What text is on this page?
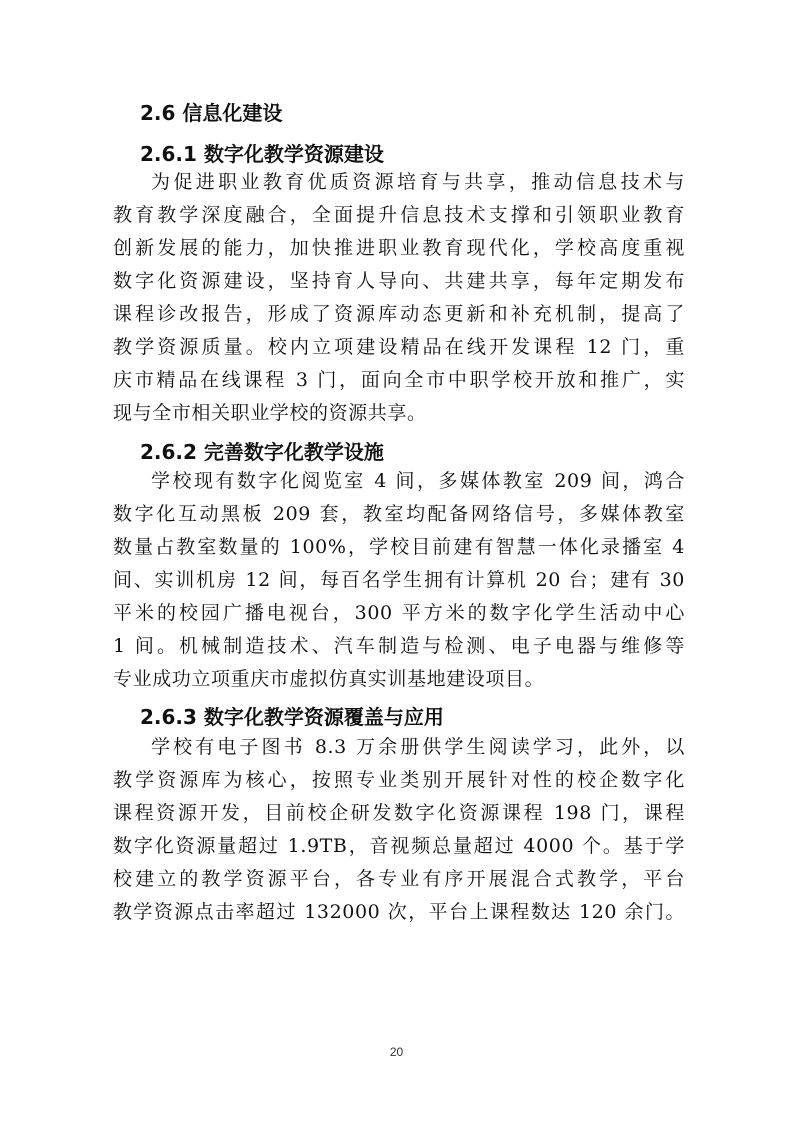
2.6 信息化建设
2.6.1 数字化教学资源建设
为促进职业教育优质资源培育与共享，推动信息技术与
教育教学深度融合，全面提升信息技术支撑和引领职业教育
创新发展的能力，加快推进职业教育现代化，学校高度重视
数字化资源建设，坚持育人导向、共建共享，每年定期发布
课程诊改报告，形成了资源库动态更新和补充机制，提高了
教学资源质量。校内立项建设精品在线开发课程 12 门，重
庆市精品在线课程 3 门，面向全市中职学校开放和推广，实
现与全市相关职业学校的资源共享。
2.6.2 完善数字化教学设施
学校现有数字化阅览室 4 间，多媒体教室 209 间，鸿合
数字化互动黑板 209 套，教室均配备网络信号，多媒体教室
数量占教室数量的 100%，学校目前建有智慧一体化录播室 4
间、实训机房 12 间，每百名学生拥有计算机 20 台；建有 30
平米的校园广播电视台，300 平方米的数字化学生活动中心
1 间。机械制造技术、汽车制造与检测、电子电器与维修等
专业成功立项重庆市虚拟仿真实训基地建设项目。
2.6.3 数字化教学资源覆盖与应用
学校有电子图书 8.3 万余册供学生阅读学习，此外，以
教学资源库为核心，按照专业类别开展针对性的校企数字化
课程资源开发，目前校企研发数字化资源课程 198 门，课程
数字化资源量超过 1.9TB，音视频总量超过 4000 个。基于学
校建立的教学资源平台，各专业有序开展混合式教学，平台
教学资源点击率超过 132000 次，平台上课程数达 120 余门。
20
